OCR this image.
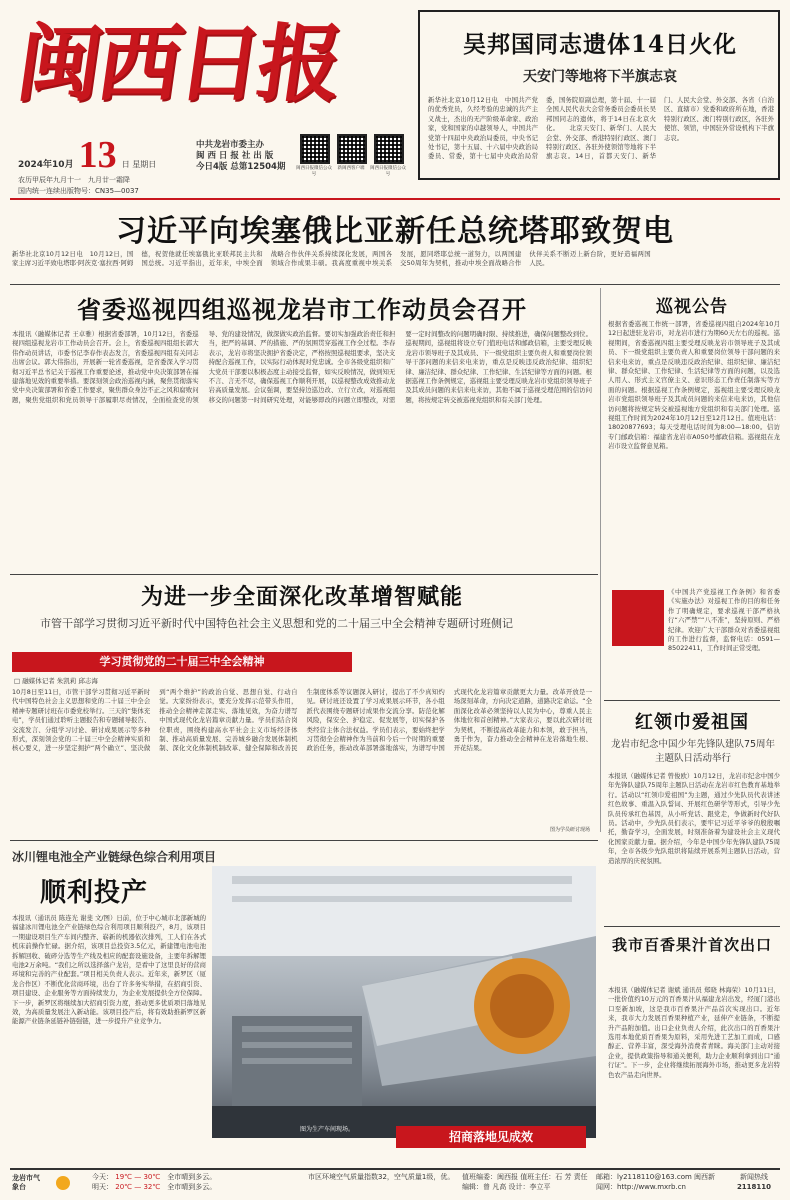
闽西日报
2024年10月 13 日 星期日
农历甲辰年九月十一　九月廿一霜降
国内统一连续出版物号：CN35—0037
中共龙岩市委主办
闽 西 日 报 社 出 版
今日4版 总第12504期 闽西日报微信公众号
新闽西客户端	闽西日报微信公众号
吴邦国同志遗体14日火化
天安门等地将下半旗志哀
新华社北京10月12日电　中国共产党的优秀党员，久经考验的忠诚的共产主义战士，杰出的无产阶级革命家、政治家，党和国家的卓越领导人，中国共产党第十四届中央政治局委员，中央书记处书记，第十五届、十六届中央政治局委员、常委，第十七届中央政治局常委，国务院原副总理，第十届、十一届全国人民代表大会常务委员会委员长吴邦国同志的遗体，将于14日在北京火化。　　北京天安门、新华门、人民大会堂、外交部、香港特别行政区、澳门特别行政区、各驻外使领馆等地将下半旗志哀。14日，首都天安门、新华门、人民大会堂、外交部、各省（自治区、直辖市）党委和政府所在地，香港特别行政区、澳门特别行政区，各驻外使馆、领馆，中国驻外常设机构下半旗志哀。
习近平向埃塞俄比亚新任总统塔耶致贺电
新华社北京10月12日电　10月12日，国家主席习近平致电塔耶·阿茨克·塞拉西·阿姆德，祝贺他就任埃塞俄比亚联邦民主共和国总统。习近平指出，近年来，中埃全面战略合作伙伴关系持续深化发展，两国各领域合作成果丰硕。我高度重视中埃关系发展，愿同塔耶总统一道努力，以两国建交50周年为契机，推动中埃全面战略合作伙伴关系不断迈上新台阶，更好造福两国人民。
省委巡视四组巡视龙岩市工作动员会召开
本报讯（融媒体记者 王卓雅）根据省委部署，10月12日，省委巡视四组巡视龙岩市工作动员会召开。会上，省委巡视四组组长郭大伟作动员讲话，市委书记李春作表态发言，省委巡视四组有关同志出席会议。郭大伟指出，开展新一轮省委巡视，是省委深入学习贯彻习近平总书记关于巡视工作重要论述，推动党中央决策部署在福建落地见效的重要举措。要深刻领会政治巡视内涵，聚焦贯彻落实党中央决策部署和省委工作要求，聚焦群众身边不正之风和腐败问题，聚焦党组织和党员领导干部履职尽责情况，全面检查党的领导、党的建设情况，做深做实政治监督。要切实加强政治责任和担当，把严的基调、严的措施、严的氛围贯穿巡视工作全过程。李春表示，龙岩市将坚决拥护省委决定，严格按照巡视组要求，坚决支持配合巡视工作，以实际行动体现对党忠诚。全市各级党组织和广大党员干部要以积极态度主动接受监督，如实反映情况，做到知无不言、言无不尽，确保巡视工作顺利开展，以巡视整改成效推动龙岩高质量发展。会议强调，要坚持边巡边改、立行立改，对巡视组移交的问题第一时间研究处理，对能够即改的问题立即整改，对需要一定时间整改的问题明确时限、持续推进，确保问题整改到位。巡视期间，巡视组将设立专门值班电话和邮政信箱，主要受理反映龙岩市领导班子及其成员、下一级党组织主要负责人和重要岗位领导干部问题的来信来电来访，重点是反映违反政治纪律、组织纪律、廉洁纪律、群众纪律、工作纪律、生活纪律等方面的问题。根据巡视工作条例规定，巡视组主要受理反映龙岩市党组织领导班子及其成员问题的来信来电来访，其他不属于巡视受理范围的信访问题，将按规定转交被巡视党组织和有关部门处理。
巡视公告
根据省委巡视工作统一部署，省委巡视四组自2024年10月12日起进驻龙岩市，对龙岩市进行为期60天左右的巡视。巡视期间，省委巡视四组主要受理反映龙岩市领导班子及其成员、下一级党组织主要负责人和重要岗位领导干部问题的来信来电来访，重点是反映违反政治纪律、组织纪律、廉洁纪律、群众纪律、工作纪律、生活纪律等方面的问题，以及选人用人、形式主义官僚主义、意识形态工作责任制落实等方面的问题。根据巡视工作条例规定，巡视组主要受理反映龙岩市党组织领导班子及其成员问题的来信来电来访，其他信访问题将按规定转交被巡视地方党组织和有关部门处理。巡视组工作时间为2024年10月12日至12月12日。值班电话：18020877693；每天受理电话时间为8:00—18:00。信访专门邮政信箱：福建省龙岩市A050号邮政信箱。巡视组在龙岩市设立监督意见箱。
《中国共产党巡视工作条例》和省委《实施办法》对巡视工作的目的和任务作了明确规定，要求巡视干部严格执行“六严禁”“八不准”，坚持原则、严格纪律。欢迎广大干部群众对省委巡视组的工作进行监督，监督电话：0591—85022411，工作时间正常受理。
为进一步全面深化改革增智赋能
市管干部学习贯彻习近平新时代中国特色社会主义思想和党的二十届三中全会精神专题研讨班侧记
学习贯彻党的二十届三中全会精神
□ 融媒体记者 朱凯莉 邱志海
10月8日至11日，市管干部学习贯彻习近平新时代中国特色社会主义思想和党的二十届三中全会精神专题研讨班在市委党校举行。三天的“集体充电”，学员们通过聆听主题报告和专题辅导报告、交流发言、分组学习讨论、研讨成果展示等多种形式，深刻领会党的二十届三中全会精神实质和核心要义，进一步坚定拥护“两个确立”、坚决做到“两个维护”的政治自觉、思想自觉、行动自觉。大家纷纷表示，要充分发挥示范带头作用，推动全会精神走深走实、落地见效，为奋力谱写中国式现代化龙岩篇章贡献力量。学员们结合岗位职责，围绕构建高水平社会主义市场经济体制、推动高质量发展、完善城乡融合发展体制机制、深化文化体制机制改革、健全保障和改善民生制度体系等议题深入研讨，提出了不少真知灼见。研讨班还设置了学习成果展示环节，各小组派代表围绕专题研讨成果作交流分享。防范化解风险，保安全、护稳定、促发展等，切实保护各类经营主体合法权益。学员们表示，要始终把学习贯彻全会精神作为当前和今后一个时期的重要政治任务，推动改革部署落地落实，为谱写中国式现代化龙岩篇章贡献更大力量。改革开放是一场深刻革命，方向决定道路，道路决定命运。“全面深化改革必须坚持以人民为中心，尊重人民主体地位和首创精神。”大家表示，要以此次研讨班为契机，不断提高改革能力和本领，敢于担当，勇于作为，奋力推动全会精神在龙岩落地生根、开花结果。
图为学员研讨现场
冰川锂电池全产业链绿色综合利用项目
顺利投产
本报讯（通讯员 陈连光 谢斐 文/图）日前，位于中心城市北部新城的福建冰川锂电池全产业链绿色综合利用项目顺利投产，8月，该项目一期建设项目生产车间内整齐、崭新的机器依次排列，工人们在各式机床前操作忙碌。据介绍，该项目总投资3.5亿元，新建锂电池电池拆解回收、破碎分选等生产线及相应的配套设施设备，主要年拆解锂电池2万余吨。“我们之所以选择落户龙岩，是看中了这里良好的营商环境和完善的产业配套。”项目相关负责人表示。近年来，新罗区（厦龙合作区）不断优化营商环境，出台了许多务实举措，在招商引资、项目建设、企业服务等方面持续发力，为企业发展提供全方位保障。下一步，新罗区将继续加大招商引资力度，推动更多优质项目落地见效，为高质量发展注入新动能。该项目投产后，将有效助推新罗区新能源产业链条延链补链强链，进一步提升产业竞争力。
图为生产车间现场。
招商落地见成效
红领巾爱祖国
龙岩市纪念中国少年先锋队建队75周年主题队日活动举行
本报讯（融媒体记者 曾俊欧）10月12日，龙岩市纪念中国少年先锋队建队75周年主题队日活动在龙岩市红色教育基地举行。活动以“红领巾爱祖国”为主题，通过少先队员代表讲述红色故事、重温入队誓词、开展红色研学等形式，引导少先队员传承红色基因，从小听党话、跟党走，争做新时代好队员。活动中，少先队员们表示，要牢记习近平爷爷的殷殷嘱托，勤奋学习，全面发展，时刻准备着为建设社会主义现代化国家贡献力量。据介绍，今年是中国少年先锋队建队75周年，全市各级少先队组织将陆续开展系列主题队日活动，营造浓厚的庆祝氛围。
我市百香果汁首次出口
本报讯（融媒体记者 谢斌 通讯员 郑晓 林海荣）10月11日，一批价值约10万元的百香果汁从福建龙岩出发，经厦门港出口至新加坡，这是我市百香果汁产品首次实现出口。近年来，我市大力发展百香果种植产业，延伸产业链条，不断提升产品附加值。出口企业负责人介绍，此次出口的百香果汁选用本地优质百香果为原料，采用先进工艺加工而成，口感醇正、营养丰富，深受海外消费者青睐。海关部门主动对接企业，提供政策指导和通关便利，助力企业顺利拿到出口“通行证”。下一步，企业将继续拓展海外市场，推动更多龙岩特色农产品走向世界。
龙岩市气象台
今天： 19℃ — 30℃　 全市晴到多云。
明天： 20℃ — 32℃　 全市晴到多云。
市区环境空气质量指数32，空气质量1级，优。	值班编委：闽西报 值班主任：石 芳 责任编辑：曾 凡高 设计：李立平
邮箱：ly2118110@163.com 闽西新闻网：http://www.mxrb.cn
新闻热线
2118110
